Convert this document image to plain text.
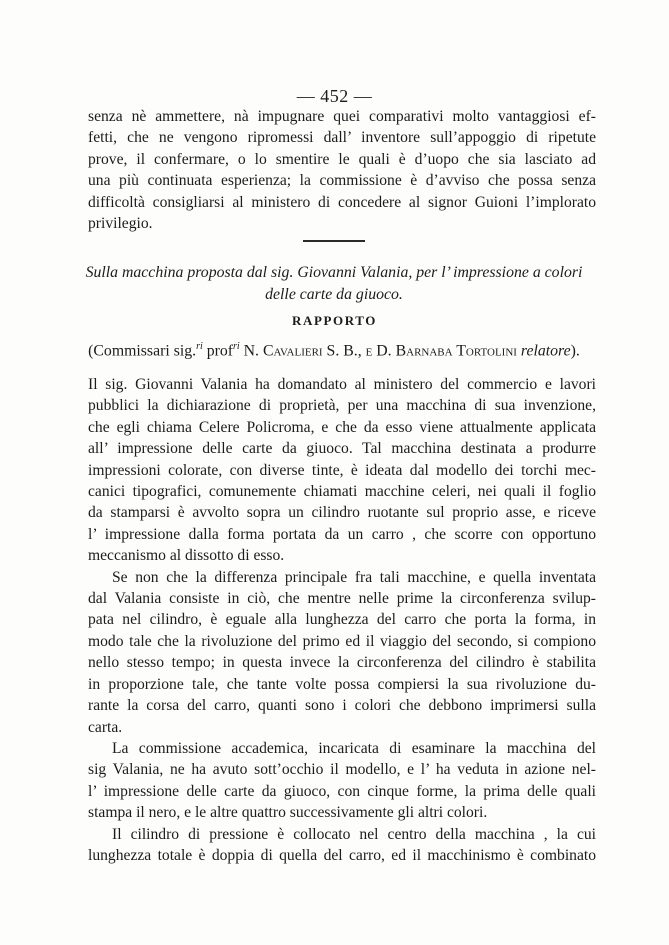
— 452 —
senza nè ammettere, nà impugnare quei comparativi molto vantaggiosi ef-
fetti, che ne vengono ripromessi dall’ inventore sull’appoggio di ripetute
prove, il confermare, o lo smentire le quali è d’uopo che sia lasciato ad
una più continuata esperienza; la commissione è d’avviso che possa senza
difficoltà consigliarsi al ministero di concedere al signor Guioni l’implorato
privilegio.
Sulla macchina proposta dal sig. Giovanni Valania, per l’ impressione a colori
delle carte da giuoco.
RAPPORTO
(Commissari sig.$^{ri}$ prof$^{ri}$ N. Cavalieri S. B., e D. Barnaba Tortolini relatore).
Il sig. Giovanni Valania ha domandato al ministero del commercio e lavori
pubblici la dichiarazione di proprietà, per una macchina di sua invenzione,
che egli chiama Celere Policroma, e che da esso viene attualmente applicata
all’ impressione delle carte da giuoco. Tal macchina destinata a produrre
impressioni colorate, con diverse tinte, è ideata dal modello dei torchi mec-
canici tipografici, comunemente chiamati macchine celeri, nei quali il foglio
da stamparsi è avvolto sopra un cilindro ruotante sul proprio asse, e riceve
l’ impressione dalla forma portata da un carro , che scorre con opportuno
meccanismo al dissotto di esso.
Se non che la differenza principale fra tali macchine, e quella inventata
dal Valania consiste in ciò, che mentre nelle prime la circonferenza svilup-
pata nel cilindro, è eguale alla lunghezza del carro che porta la forma, in
modo tale che la rivoluzione del primo ed il viaggio del secondo, si compiono
nello stesso tempo; in questa invece la circonferenza del cilindro è stabilita
in proporzione tale, che tante volte possa compiersi la sua rivoluzione du-
rante la corsa del carro, quanti sono i colori che debbono imprimersi sulla
carta.
La commissione accademica, incaricata di esaminare la macchina del
sig Valania, ne ha avuto sott’occhio il modello, e l’ ha veduta in azione nel-
l’ impressione delle carte da giuoco, con cinque forme, la prima delle quali
stampa il nero, e le altre quattro successivamente gli altri colori.
Il cilindro di pressione è collocato nel centro della macchina , la cui
lunghezza totale è doppia di quella del carro, ed il macchinismo è combinato
